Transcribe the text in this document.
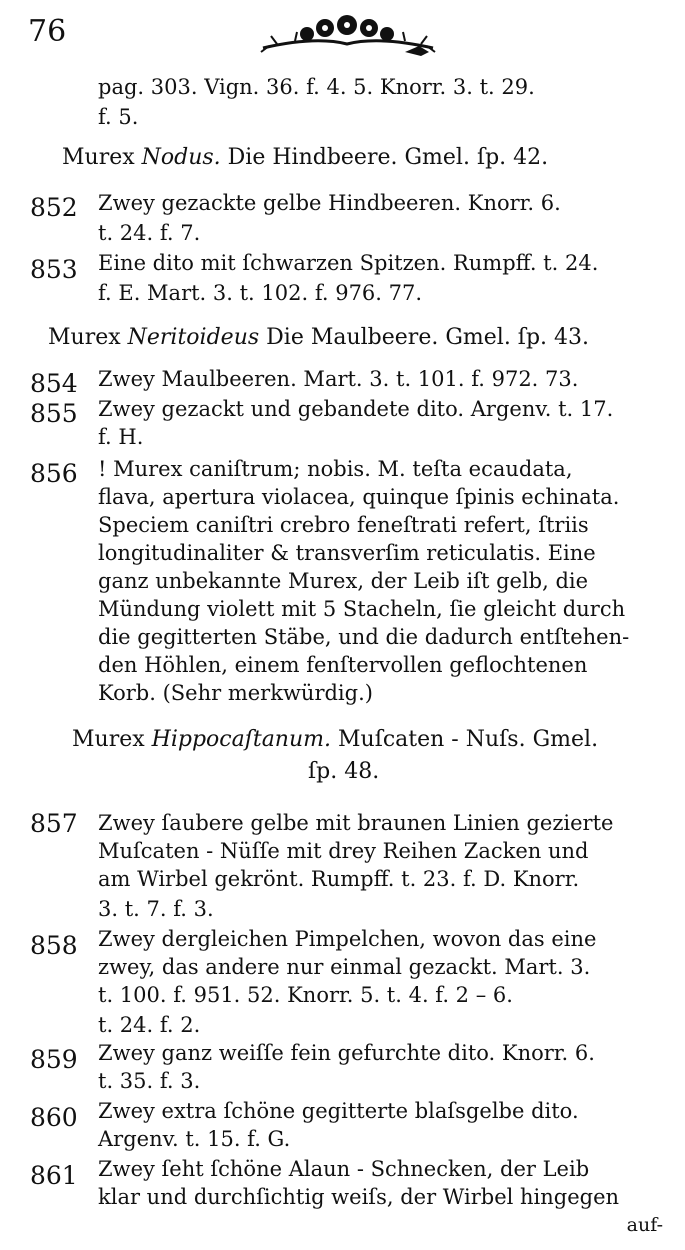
76
pag. 303. Vign. 36. f. 4. 5. Knorr. 3. t. 29.
f. 5.
Murex Nodus. Die Hindbeere. Gmel. ſp. 42.
852 Zwey gezackte gelbe Hindbeeren. Knorr. 6.
t. 24. f. 7.
853 Eine dito mit ſchwarzen Spitzen. Rumpff. t. 24.
f. E. Mart. 3. t. 102. f. 976. 77.
Murex Neritoideus Die Maulbeere. Gmel. ſp. 43.
854 Zwey Maulbeeren. Mart. 3. t. 101. f. 972. 73.
855 Zwey gezackt und gebandete dito. Argenv. t. 17.
f. H.
856 ! Murex caniſtrum; nobis. M. teſta ecaudata,
flava, apertura violacea, quinque ſpinis echinata.
Speciem caniſtri crebro feneſtrati refert, ſtriis
longitudinaliter & transverſim reticulatis. Eine
ganz unbekannte Murex, der Leib iſt gelb, die
Mündung violett mit 5 Stacheln, ſie gleicht durch
die gegitterten Stäbe, und die dadurch entſtehen-
den Höhlen, einem fenſtervollen geflochtenen
Korb. (Sehr merkwürdig.)
Murex Hippocaſtanum. Muſcaten - Nuſs. Gmel.
ſp. 48.
857 Zwey ſaubere gelbe mit braunen Linien gezierte
Muſcaten - Nüſſe mit drey Reihen Zacken und
am Wirbel gekrönt. Rumpff. t. 23. f. D. Knorr.
3. t. 7. f. 3.
858 Zwey dergleichen Pimpelchen, wovon das eine
zwey, das andere nur einmal gezackt. Mart. 3.
t. 100. f. 951. 52. Knorr. 5. t. 4. f. 2 – 6.
t. 24. f. 2.
859 Zwey ganz weiſſe fein gefurchte dito. Knorr. 6.
t. 35. f. 3.
860 Zwey extra ſchöne gegitterte blaſsgelbe dito.
Argenv. t. 15. f. G.
861 Zwey ſeht ſchöne Alaun - Schnecken, der Leib
klar und durchſichtig weiſs, der Wirbel hingegen
auf-
